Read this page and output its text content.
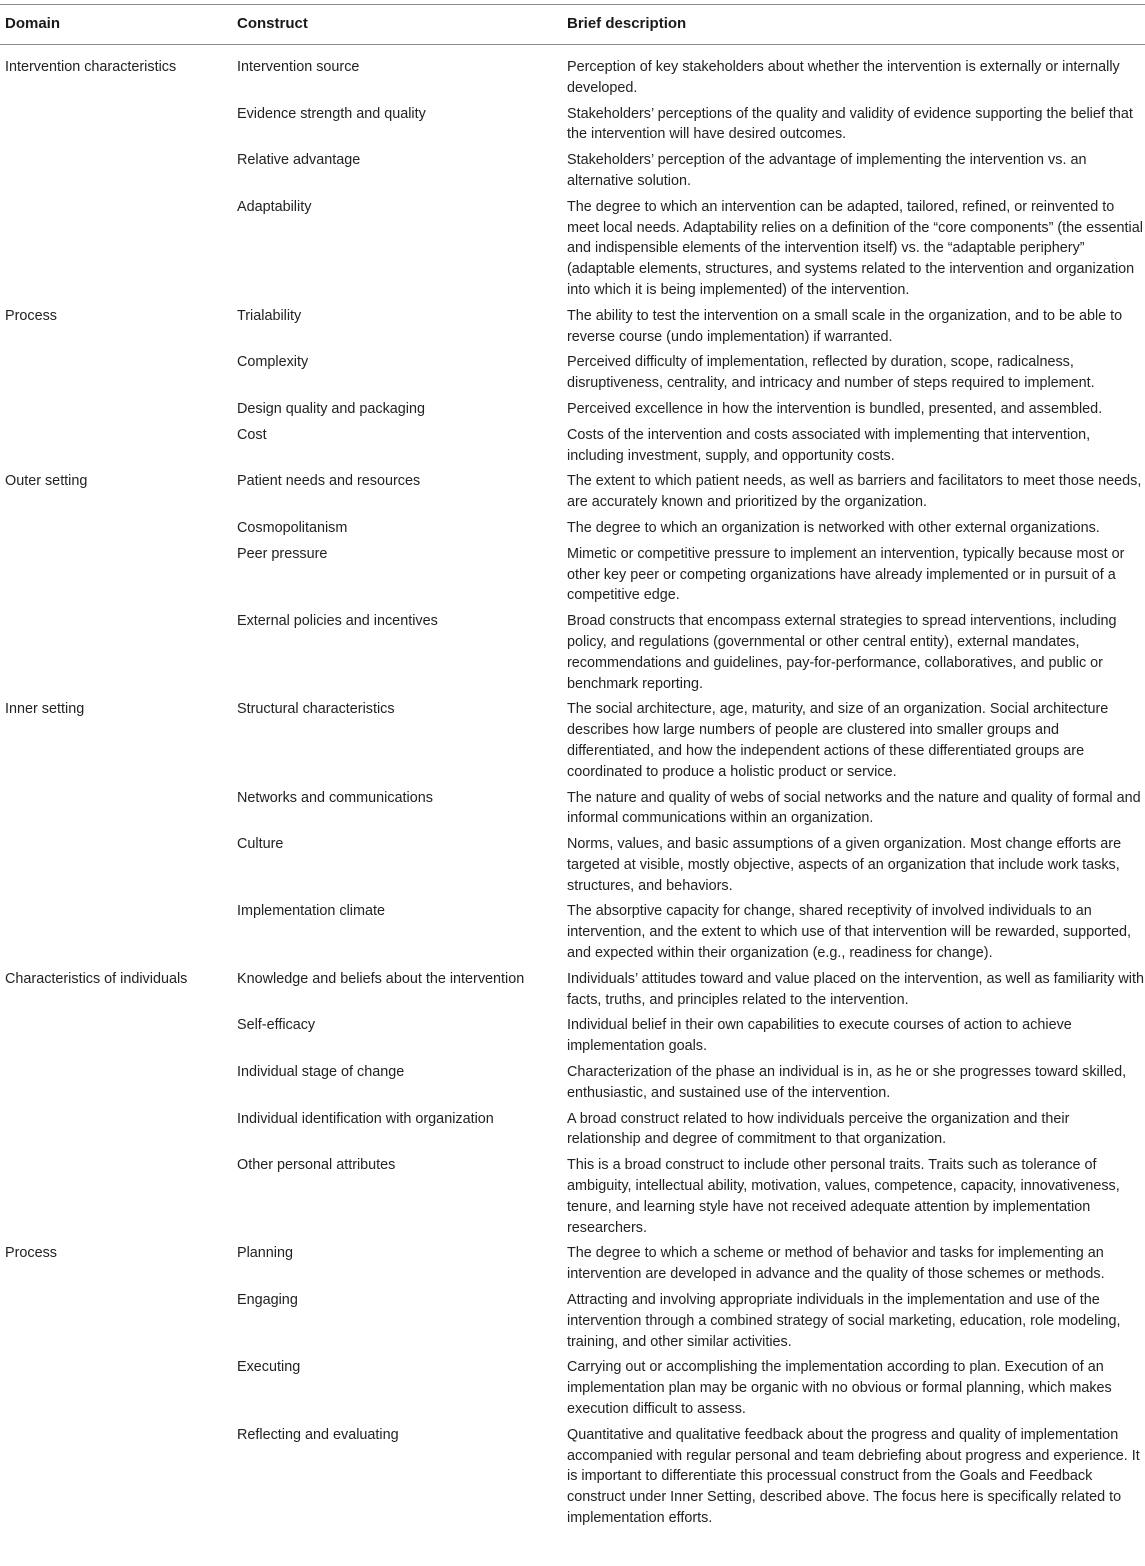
Domain	Construct	Brief description
Intervention characteristics	Intervention source	Perception of key stakeholders about whether the intervention is externally or internally developed.
	Evidence strength and quality	Stakeholders’ perceptions of the quality and validity of evidence supporting the belief that the intervention will have desired outcomes.
	Relative advantage	Stakeholders’ perception of the advantage of implementing the intervention vs. an alternative solution.
	Adaptability	The degree to which an intervention can be adapted, tailored, refined, or reinvented to meet local needs. Adaptability relies on a definition of the “core components” (the essential and indispensible elements of the intervention itself) vs. the “adaptable periphery” (adaptable elements, structures, and systems related to the intervention and organization into which it is being implemented) of the intervention.
Process	Trialability	The ability to test the intervention on a small scale in the organization, and to be able to reverse course (undo implementation) if warranted.
	Complexity	Perceived difficulty of implementation, reflected by duration, scope, radicalness, disruptiveness, centrality, and intricacy and number of steps required to implement.
	Design quality and packaging	Perceived excellence in how the intervention is bundled, presented, and assembled.
	Cost	Costs of the intervention and costs associated with implementing that intervention, including investment, supply, and opportunity costs.
Outer setting	Patient needs and resources	The extent to which patient needs, as well as barriers and facilitators to meet those needs, are accurately known and prioritized by the organization.
	Cosmopolitanism	The degree to which an organization is networked with other external organizations.
	Peer pressure	Mimetic or competitive pressure to implement an intervention, typically because most or other key peer or competing organizations have already implemented or in pursuit of a competitive edge.
	External policies and incentives	Broad constructs that encompass external strategies to spread interventions, including policy, and regulations (governmental or other central entity), external mandates, recommendations and guidelines, pay-for-performance, collaboratives, and public or benchmark reporting.
Inner setting	Structural characteristics	The social architecture, age, maturity, and size of an organization. Social architecture describes how large numbers of people are clustered into smaller groups and differentiated, and how the independent actions of these differentiated groups are coordinated to produce a holistic product or service.
	Networks and communications	The nature and quality of webs of social networks and the nature and quality of formal and informal communications within an organization.
	Culture	Norms, values, and basic assumptions of a given organization. Most change efforts are targeted at visible, mostly objective, aspects of an organization that include work tasks, structures, and behaviors.
	Implementation climate	The absorptive capacity for change, shared receptivity of involved individuals to an intervention, and the extent to which use of that intervention will be rewarded, supported, and expected within their organization (e.g., readiness for change).
Characteristics of individuals	Knowledge and beliefs about the intervention	Individuals’ attitudes toward and value placed on the intervention, as well as familiarity with facts, truths, and principles related to the intervention.
	Self-efficacy	Individual belief in their own capabilities to execute courses of action to achieve implementation goals.
	Individual stage of change	Characterization of the phase an individual is in, as he or she progresses toward skilled, enthusiastic, and sustained use of the intervention.
	Individual identification with organization	A broad construct related to how individuals perceive the organization and their relationship and degree of commitment to that organization.
	Other personal attributes	This is a broad construct to include other personal traits. Traits such as tolerance of ambiguity, intellectual ability, motivation, values, competence, capacity, innovativeness, tenure, and learning style have not received adequate attention by implementation researchers.
Process	Planning	The degree to which a scheme or method of behavior and tasks for implementing an intervention are developed in advance and the quality of those schemes or methods.
	Engaging	Attracting and involving appropriate individuals in the implementation and use of the intervention through a combined strategy of social marketing, education, role modeling, training, and other similar activities.
	Executing	Carrying out or accomplishing the implementation according to plan. Execution of an implementation plan may be organic with no obvious or formal planning, which makes execution difficult to assess.
	Reflecting and evaluating	Quantitative and qualitative feedback about the progress and quality of implementation accompanied with regular personal and team debriefing about progress and experience. It is important to differentiate this processual construct from the Goals and Feedback construct under Inner Setting, described above. The focus here is specifically related to implementation efforts.
